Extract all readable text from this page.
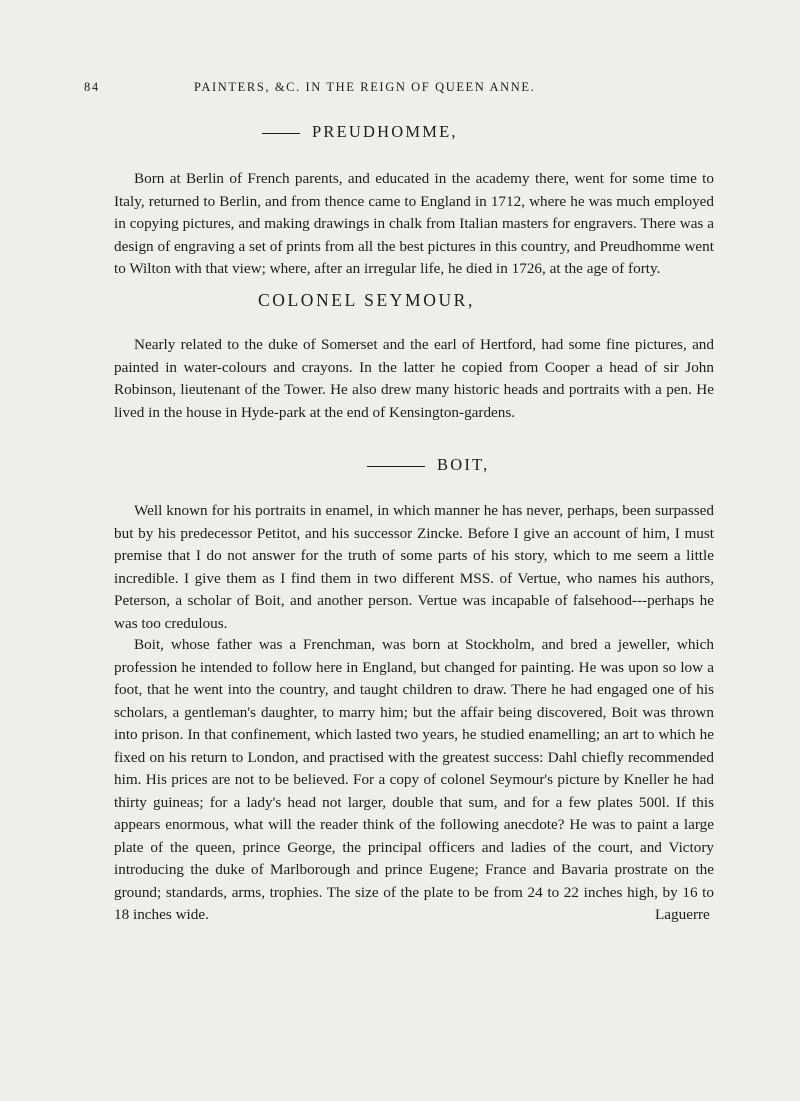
84	PAINTERS, &C. IN THE REIGN OF QUEEN ANNE.
PREUDHOMME,

Born at Berlin of French parents, and educated in the academy there, went for some time to Italy, returned to Berlin, and from thence came to England in 1712, where he was much employed in copying pictures, and making drawings in chalk from Italian masters for engravers. There was a design of engraving a set of prints from all the best pictures in this country, and Preudhomme went to Wilton with that view; where, after an irregular life, he died in 1726, at the age of forty.

COLONEL SEYMOUR,

Nearly related to the duke of Somerset and the earl of Hertford, had some fine pictures, and painted in water-colours and crayons. In the latter he copied from Cooper a head of sir John Robinson, lieutenant of the Tower. He also drew many historic heads and portraits with a pen. He lived in the house in Hyde-park at the end of Kensington-gardens.

BOIT,

Well known for his portraits in enamel, in which manner he has never, perhaps, been surpassed but by his predecessor Petitot, and his successor Zincke. Before I give an account of him, I must premise that I do not answer for the truth of some parts of his story, which to me seem a little incredible. I give them as I find them in two different MSS. of Vertue, who names his authors, Peterson, a scholar of Boit, and another person. Vertue was incapable of falsehood---perhaps he was too credulous.

Boit, whose father was a Frenchman, was born at Stockholm, and bred a jeweller, which profession he intended to follow here in England, but changed for painting. He was upon so low a foot, that he went into the country, and taught children to draw. There he had engaged one of his scholars, a gentleman's daughter, to marry him; but the affair being discovered, Boit was thrown into prison. In that confinement, which lasted two years, he studied enamelling; an art to which he fixed on his return to London, and practised with the greatest success: Dahl chiefly recommended him. His prices are not to be believed. For a copy of colonel Seymour's picture by Kneller he had thirty guineas; for a lady's head not larger, double that sum, and for a few plates 500l. If this appears enormous, what will the reader think of the following anecdote? He was to paint a large plate of the queen, prince George, the principal officers and ladies of the court, and Victory introducing the duke of Marlborough and prince Eugene; France and Bavaria prostrate on the ground; standards, arms, trophies. The size of the plate to be from 24 to 22 inches high, by 16 to 18 inches wide.	Laguerre
